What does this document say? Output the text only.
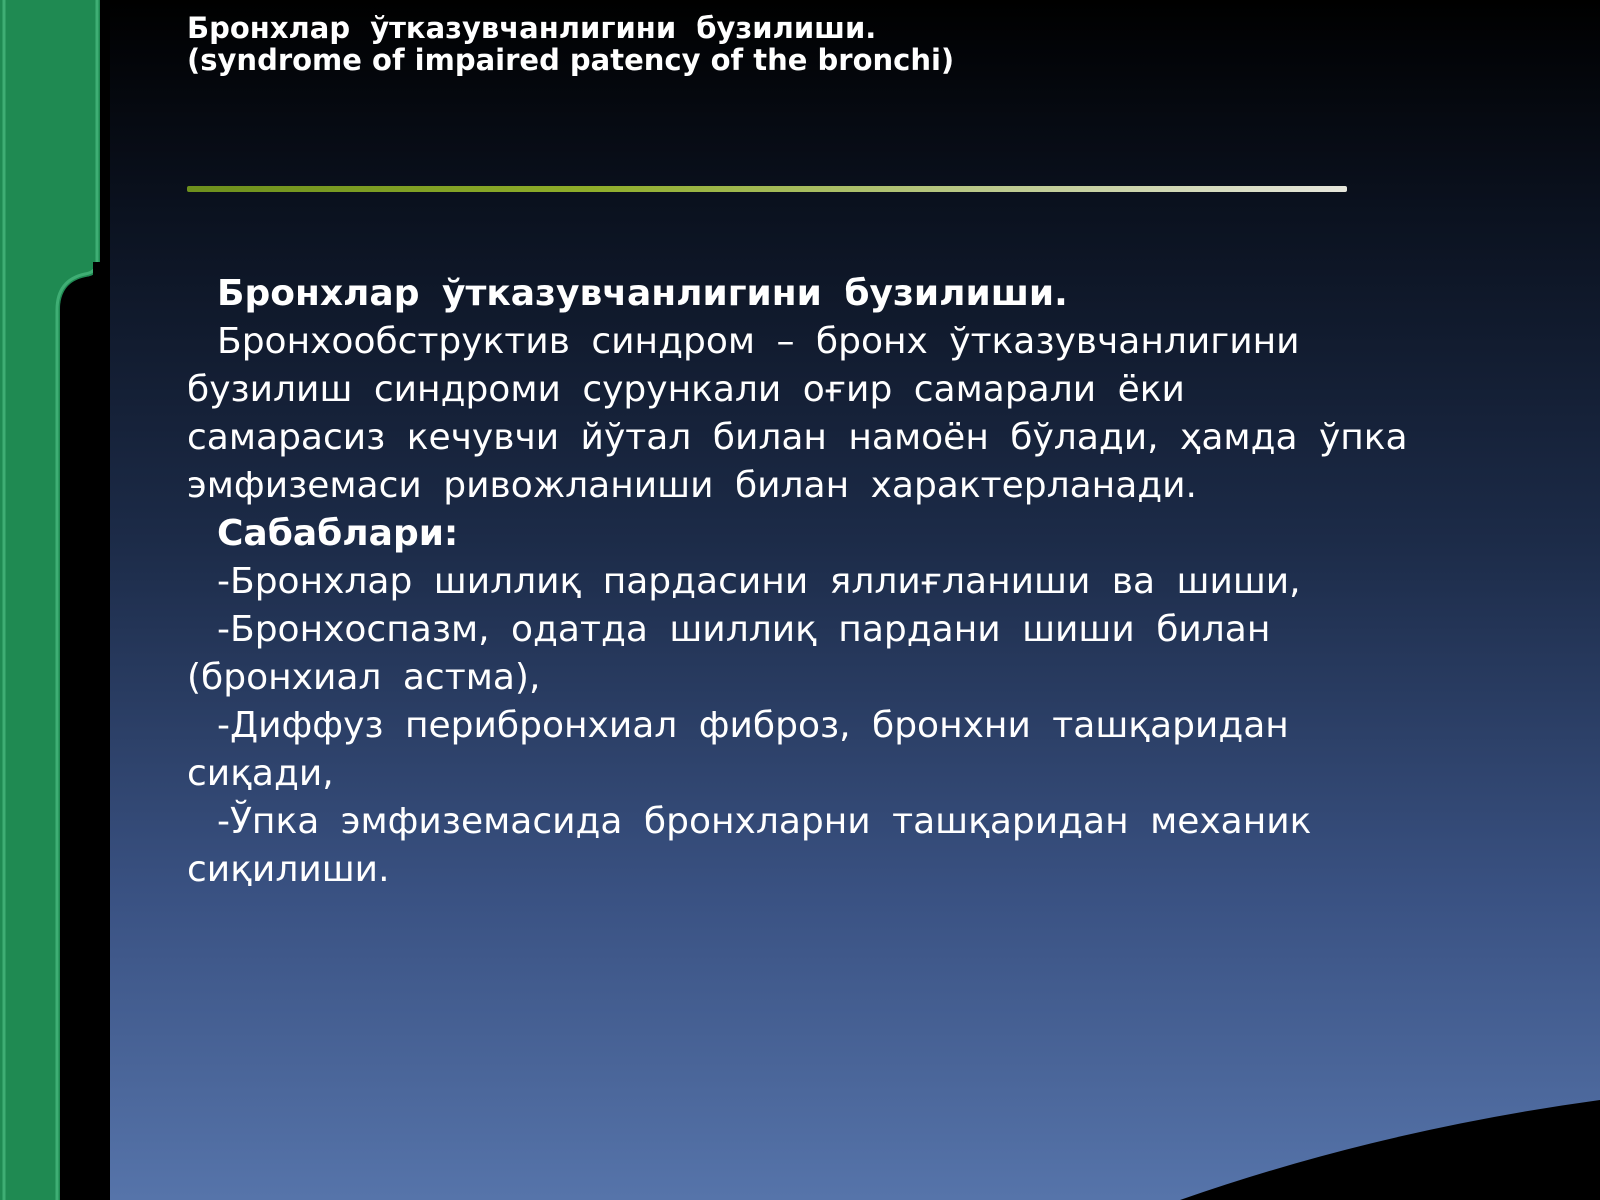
Бронхлар ўтказувчанлигини бузилиши.
(syndrome of impaired patency of the bronchi)
Бронхлар ўтказувчанлигини бузилиши.
Бронхообструктив синдром – бронх ўтказувчанлигини
бузилиш синдроми сурункали оғир самарали ёки
самарасиз кечувчи йўтал билан намоён бўлади, ҳамда ўпка
эмфиземаси ривожланиши билан характерланади.
Сабаблари:
-Бронхлар шиллиқ пардасини яллиғланиши ва шиши,
-Бронхоспазм, одатда шиллиқ пардани шиши билан
(бронхиал астма),
-Диффуз перибронхиал фиброз, бронхни ташқаридан
сиқади,
-Ўпка эмфиземасида бронхларни ташқаридан механик
сиқилиши.
